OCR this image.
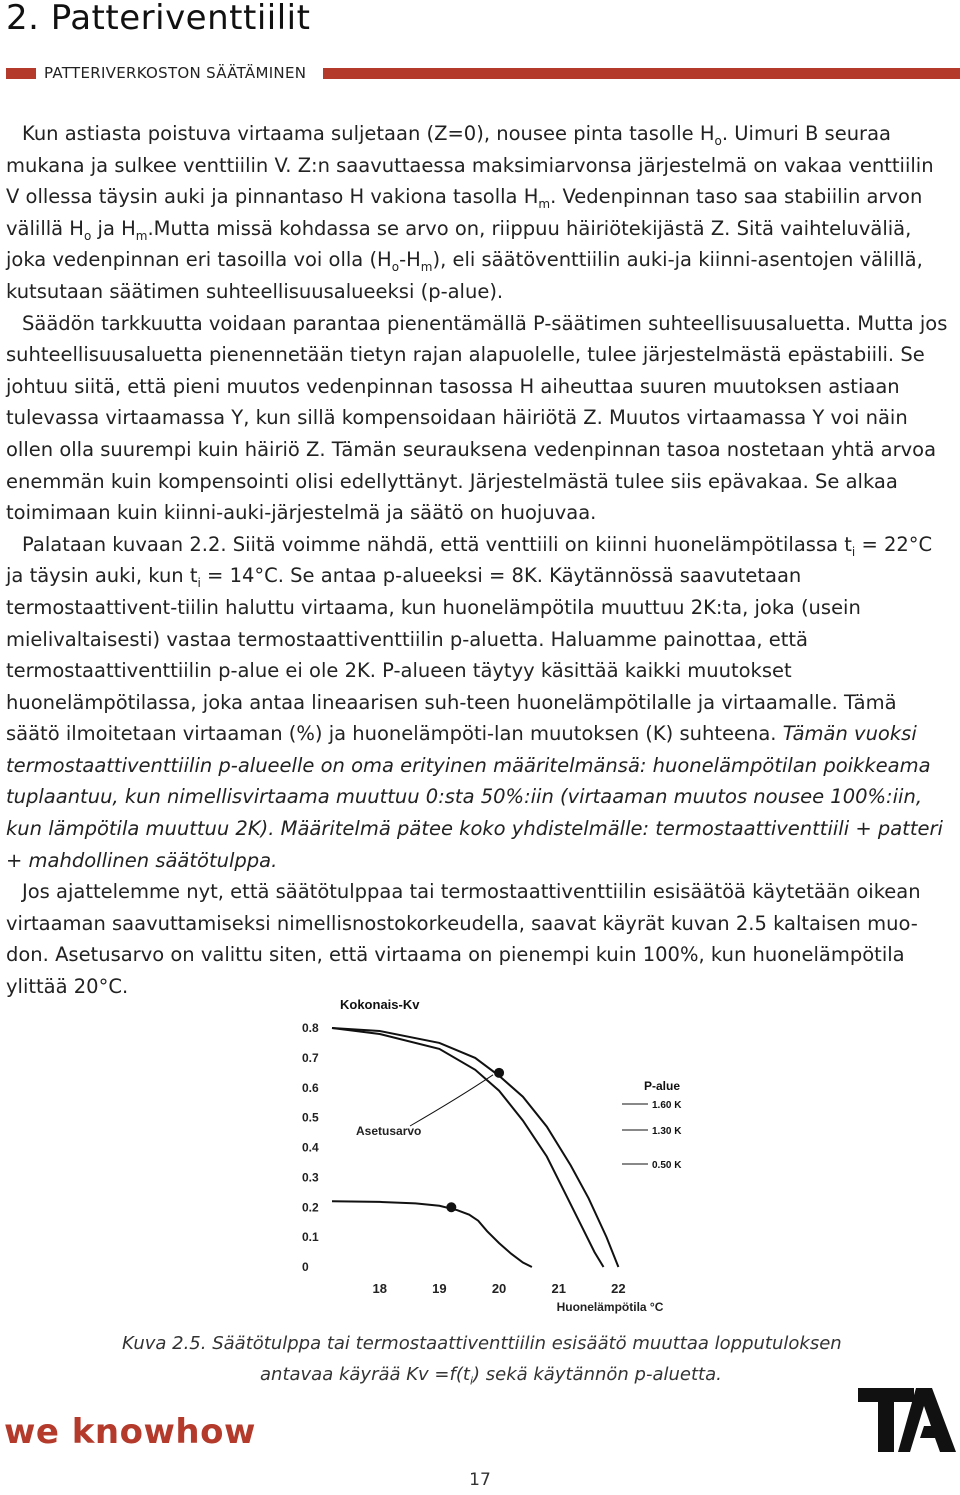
2. Patteriventtiilit
PATTERIVERKOSTON SÄÄTÄMINEN

Kun astiasta poistuva virtaama suljetaan (Z=0), nousee pinta tasolle $H_o$. Uimuri B seuraa mukana ja sulkee venttiilin V. Z:n saavuttaessa maksimiarvonsa järjestelmä on vakaa venttiilin V ollessa täysin auki ja pinnantaso H vakiona tasolla $H_m$. Vedenpinnan taso saa stabiilin arvon välillä $H_o$ ja $H_m.Mutta$ missä kohdassa se arvo on, riippuu häiriötekijästä Z. Sitä vaihteluväliä, joka vedenpinnan eri tasoilla voi olla $(H_o-H_m)$, eli säätöventtiilin auki-ja kiinni-asentojen välillä, kutsutaan säätimen suhteellisuusalueeksi (p-alue).

Säädön tarkkuutta voidaan parantaa pienentämällä P-säätimen suhteellisuusaluetta. Mutta jos suhteellisuusaluetta pienennetään tietyn rajan alapuolelle, tulee järjestelmästä epästabiili. Se johtuu siitä, että pieni muutos vedenpinnan tasossa H aiheuttaa suuren muutoksen astiaan tulevassa virtaamassa Y, kun sillä kompensoidaan häiriötä Z. Muutos virtaamassa Y voi näin ollen olla suurempi kuin häiriö Z. Tämän seurauksena vedenpinnan tasoa nostetaan yhtä arvoa enemmän kuin kompensointi olisi edellyttänyt. Järjestelmästä tulee siis epävakaa. Se alkaa toimimaan kuin kiinni-auki-järjestelmä ja säätö on huojuvaa.

Palataan kuvaan 2.2. Siitä voimme nähdä, että venttiili on kiinni huonelämpötilassa $t_i = 22^\circ C$ ja täysin auki, kun $t_i = 14^\circ C$. Se antaa p-alueeksi = 8K. Käytännössä saavutetaan termostaattivent-tiilin haluttu virtaama, kun huonelämpötila muuttuu 2K:ta, joka (usein mielivaltaisesti) vastaa termostaattiventtiilin p-aluetta. Haluamme painottaa, että termostaattiventtiilin p-alue ei ole 2K. P-alueen täytyy käsittää kaikki muutokset huonelämpötilassa, joka antaa lineaarisen suh-teen huonelämpötilalle ja virtaamalle. Tämä säätö ilmoitetaan virtaaman (%) ja huonelämpöti-lan muutoksen (K) suhteena. Tämän vuoksi termostaattiventtiilin p-alueelle on oma erityinen määritelmänsä: huonelämpötilan poikkeama tuplaantuu, kun nimellisvirtaama muuttuu 0:sta 50%:iin (virtaaman muutos nousee 100%:iin, kun lämpötila muuttuu 2K). Määritelmä pätee koko yhdistelmälle: termostaattiventtiili + patteri + mahdollinen säätötulppa.

Jos ajattelemme nyt, että säätötulppaa tai termostaattiventtiilin esisäätöä käytetään oikean virtaaman saavuttamiseksi nimellisnostokorkeudella, saavat käyrät kuvan 2.5 kaltaisen muo-don. Asetusarvo on valittu siten, että virtaama on pienempi kuin 100%, kun huonelämpötila ylittää 20°C.

Kokonais-Kv
0.8
0.7
0.6
0.5
0.4
0.3
0.2
0.1
0
18	19	20	21	22
Huonelämpötila °C
P-alue
1.60 K
1.30 K
0.50 K
Asetusarvo
Kuva 2.5. Säätötulppa tai termostaattiventtiilin esisäätö muuttaa lopputuloksen
antavaa käyrää $Kv =f(t_i)$ sekä käytännön p-aluetta.
we knowhow
17
